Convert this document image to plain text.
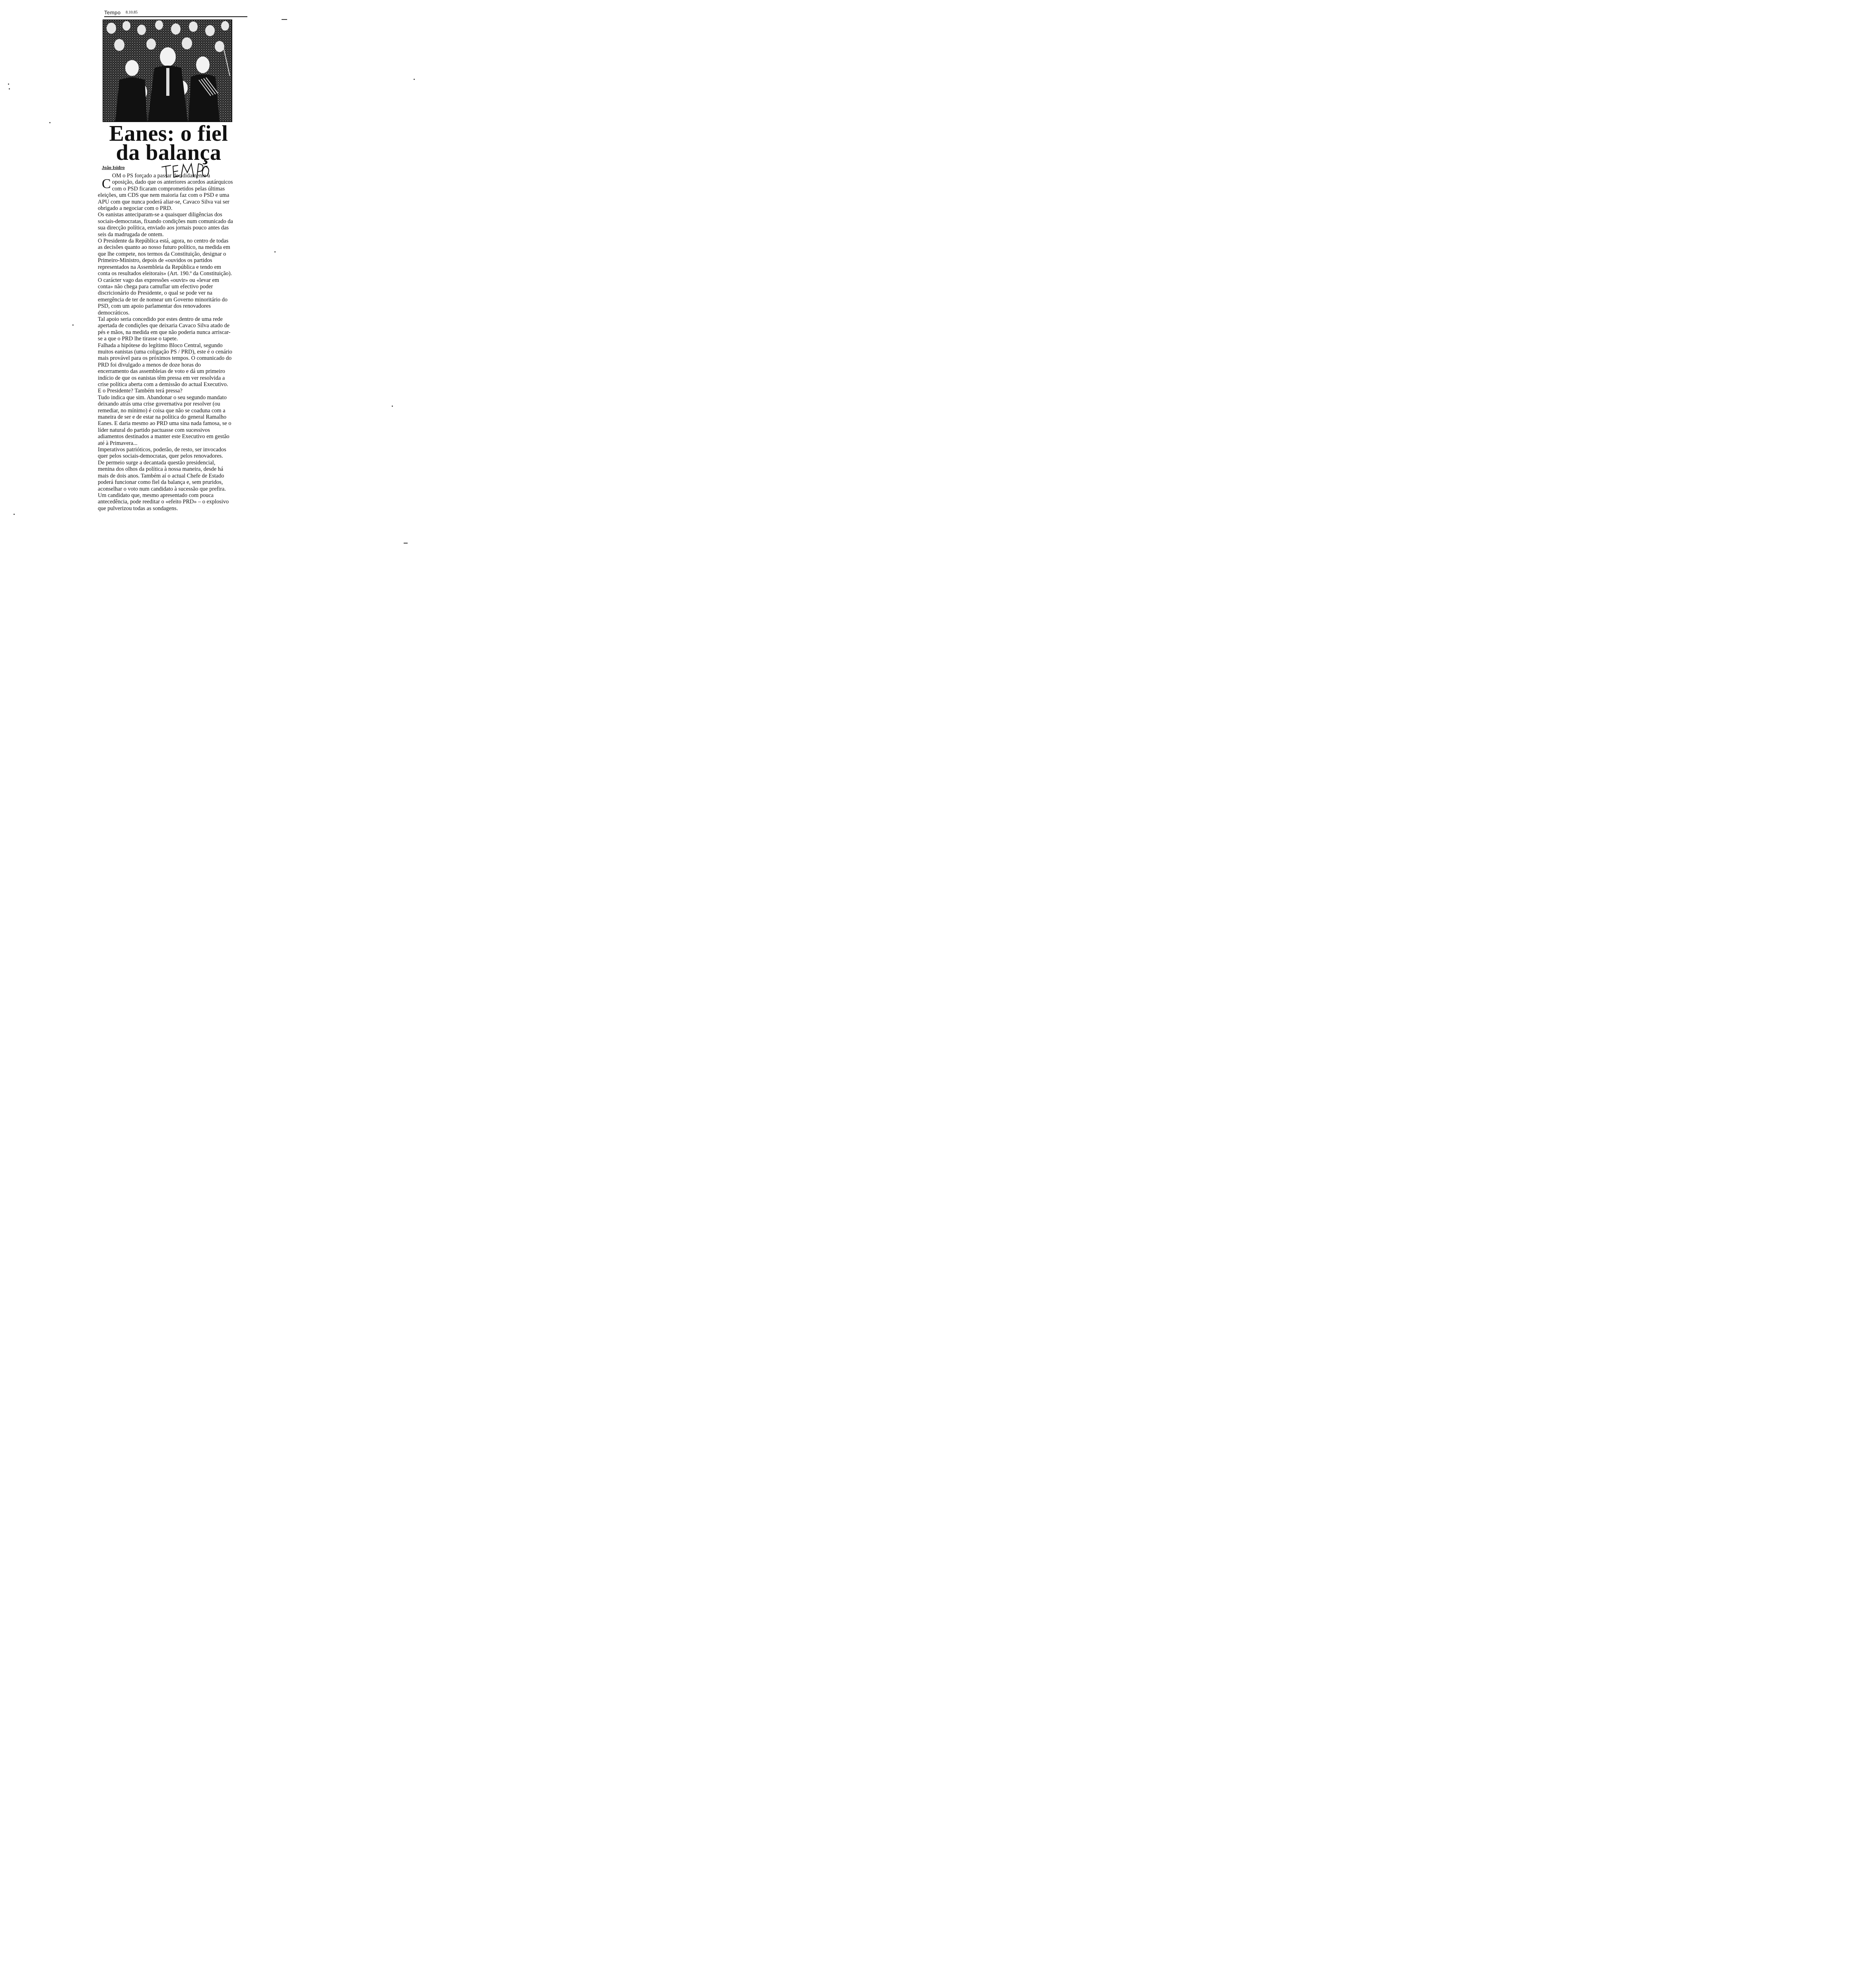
Tempo 8.10.85
Eanes: o fiel
da balança
João Isidro

C
OM o PS forçado a passar decididamente à oposição, dado que os anteriores acordos autárquicos com o PSD ficaram comprometidos pelas últimas eleições, um CDS que nem maioria faz com o PSD e uma APU com que nunca poderá aliar-se, Cavaco Silva vai ser obrigado a negociar com o PRD.

Os eanistas anteciparam-se a quaisquer diligências dos sociais-democratas, fixando condições num comunicado da sua direcção política, enviado aos jornais pouco antes das seis da madrugada de ontem.

O Presidente da República está, agora, no centro de todas as decisões quanto ao nosso futuro político, na medida em que lhe compete, nos termos da Constituição, designar o Primeiro-Ministro, depois de «ouvidos os partidos representados na Assembleia da República e tendo em conta os resultados eleitorais» (Art. 190.º da Constituição). O carácter vago das expressões «ouvir» ou «levar em conta» não chega para camuflar um efectivo poder discricionário do Presidente, o qual se pode ver na emergência de ter de nomear um Governo minoritário do PSD, com um apoio parlamentar dos renovadores democráticos.

Tal apoio seria concedido por estes dentro de uma rede apertada de condições que deixaria Cavaco Silva atado de pés e mãos, na medida em que não poderia nunca arriscar-se a que o PRD lhe tirasse o tapete.

Falhada a hipótese do legítimo Bloco Central, segundo muitos eanistas (uma coligação PS / PRD), este é o cenário mais provável para os próximos tempos. O comunicado do PRD foi divulgado a menos de doze horas do encerramento das assembleias de voto e dá um primeiro indício de que os eanistas têm pressa em ver resolvida a crise política aberta com a demissão do actual Executivo.

E o Presidente? Também terá pressa?

Tudo indica que sim. Abandonar o seu segundo mandato deixando atrás uma crise governativa por resolver (ou remediar, no mínimo) é coisa que não se coaduna com a maneira de ser e de estar na política do general Ramalho Eanes. E daria mesmo ao PRD uma sina nada famosa, se o líder natural do partido pactuasse com sucessivos adiamentos destinados a manter este Executivo em gestão até à Primavera...

Imperativos patrióticos, poderão, de resto, ser invocados quer pelos sociais-democratas, quer pelos renovadores.

De permeio surge a decantada questão presidencial, menina dos olhos da política à nossa maneira, desde há mais de dois anos. Também aí o actual Chefe de Estado poderá funcionar como fiel da balança e, sem pruridos, aconselhar o voto num candidato à sucessão que prefira.

Um candidato que, mesmo apresentado com pouca antecedência, pode reeditar o «efeito PRD» – o explosivo que pulverizou todas as sondagens.
